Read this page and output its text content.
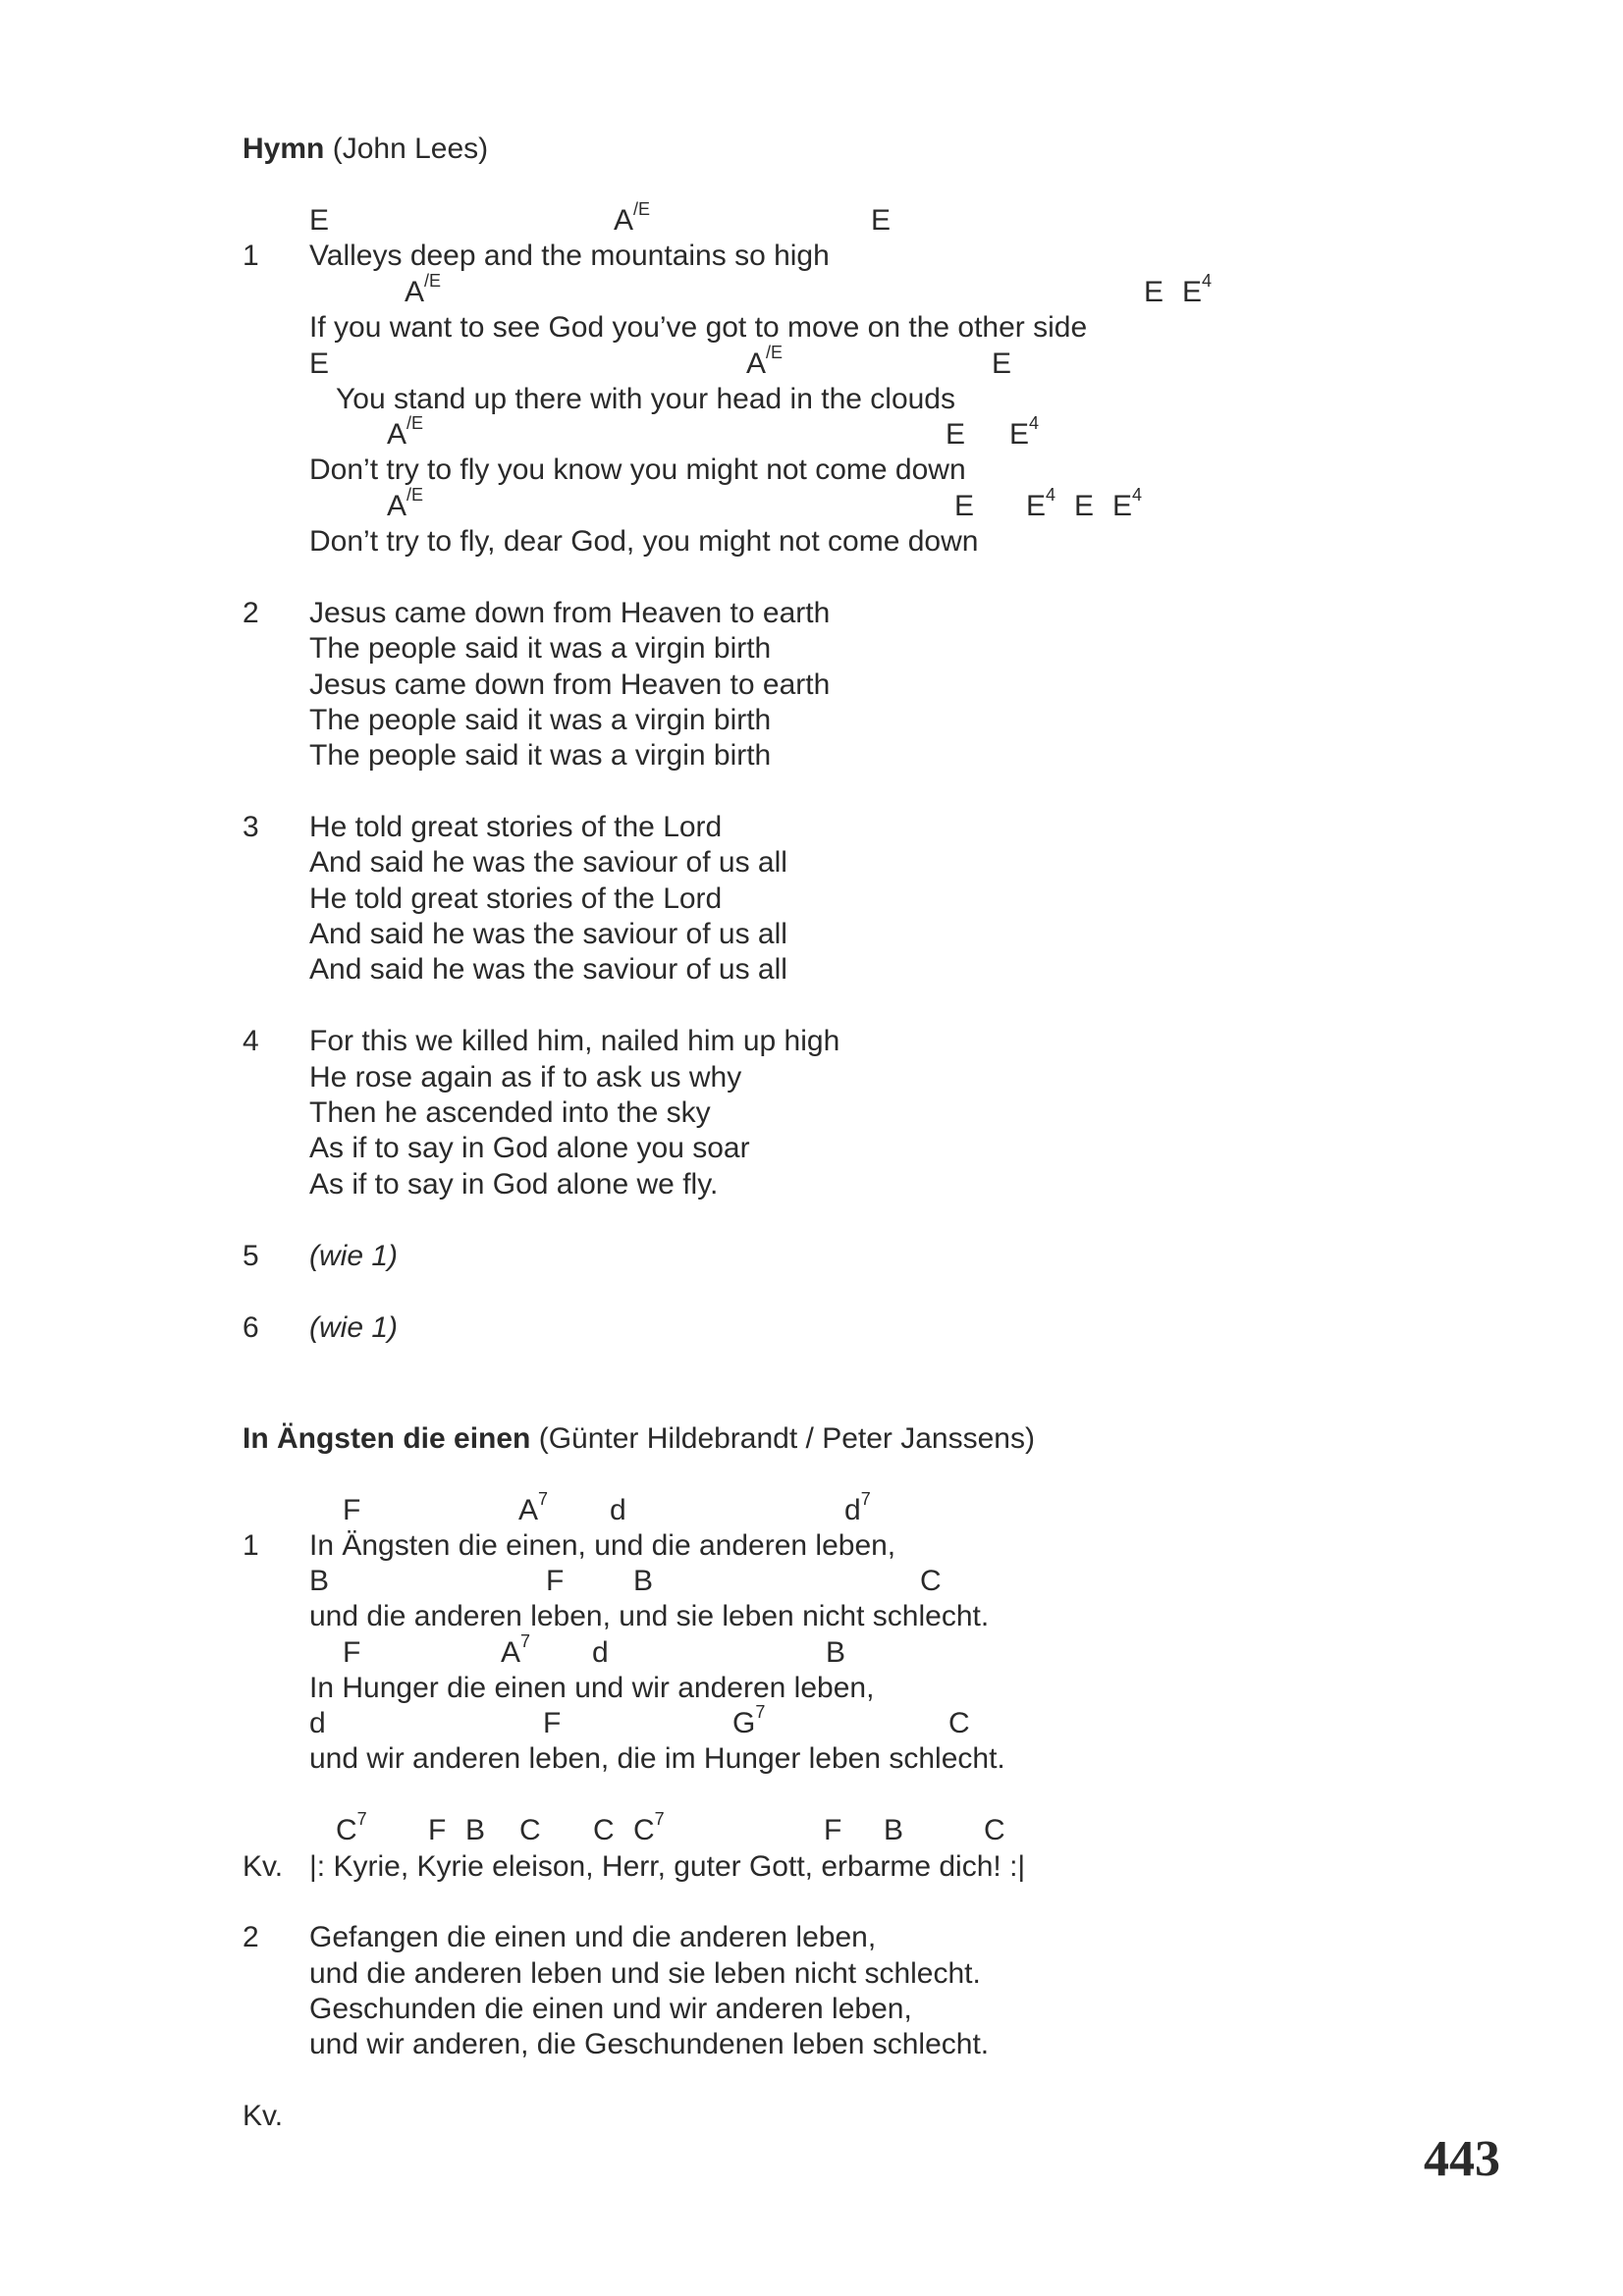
Hymn (John Lees)
E	$A^{/E}$	E
1 Valleys deep and the mountains so high
$A^{/E}$	E $E^4$
If you want to see God you’ve got to move on the other side
E	$A^{/E}$	E
You stand up there with your head in the clouds
$A^{/E}$	E $E^4$
Don’t try to fly you know you might not come down
$A^{/E}$	E $E^4$ E $E^4$
Don’t try to fly, dear God, you might not come down
2 Jesus came down from Heaven to earth
The people said it was a virgin birth
Jesus came down from Heaven to earth
The people said it was a virgin birth
The people said it was a virgin birth
3 He told great stories of the Lord
And said he was the saviour of us all
He told great stories of the Lord
And said he was the saviour of us all
And said he was the saviour of us all
4 For this we killed him, nailed him up high
He rose again as if to ask us why
Then he ascended into the sky
As if to say in God alone you soar
As if to say in God alone we fly.
5 (wie 1)
6 (wie 1)
In Ängsten die einen (Günter Hildebrandt / Peter Janssens)
F	$A^7$ d	$d^7$
1 In Ängsten die einen, und die anderen leben,
B	F B	C
und die anderen leben, und sie leben nicht schlecht.
F	$A^7$ d	B
In Hunger die einen und wir anderen leben,
d	F	$G^7$	C
und wir anderen leben, die im Hunger leben schlecht.
$C^7$ F B C C $C^7$	F B	C
Kv. |: Kyrie, Kyrie eleison, Herr, guter Gott, erbarme dich! :|
2 Gefangen die einen und die anderen leben,
und die anderen leben und sie leben nicht schlecht.
Geschunden die einen und wir anderen leben,
und wir anderen, die Geschundenen leben schlecht.
Kv.
443
